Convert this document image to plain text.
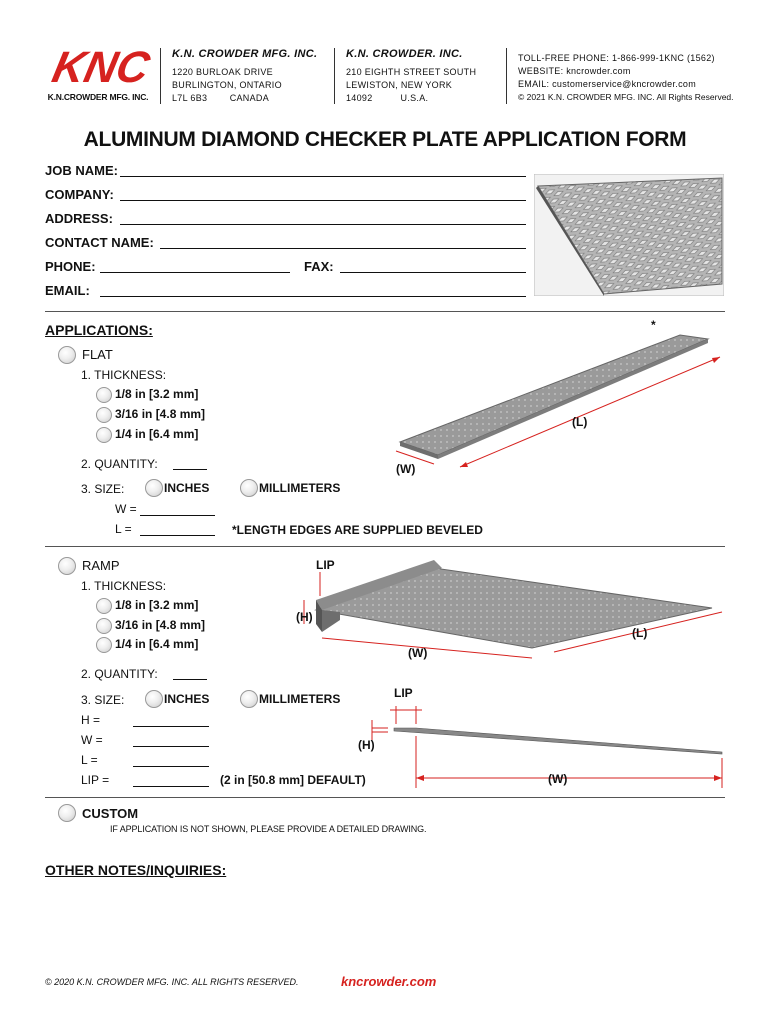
KNC
K.N.CROWDER MFG. INC.
K.N. CROWDER MFG. INC.
1220 BURLOAK DRIVE
BURLINGTON, ONTARIO
L7L 6B3        CANADA
K.N. CROWDER. INC.
210 EIGHTH STREET SOUTH
LEWISTON, NEW YORK
14092          U.S.A.
TOLL-FREE PHONE: 1-866-999-1KNC (1562)
WEBSITE: kncrowder.com
EMAIL: customerservice@kncrowder.com
© 2021 K.N. CROWDER MFG. INC. All Rights Reserved.
ALUMINUM DIAMOND CHECKER PLATE APPLICATION FORM
JOB NAME:
COMPANY:
ADDRESS:
CONTACT NAME:
PHONE:	FAX:
EMAIL:
APPLICATIONS:	*
FLAT
1. THICKNESS:
1/8 in [3.2 mm]
3/16 in [4.8 mm]
1/4 in [6.4 mm]
2. QUANTITY:
3. SIZE:	INCHES	MILLIMETERS
W =
L =	*LENGTH EDGES ARE SUPPLIED BEVELED
(L)
(W)
RAMP
1. THICKNESS:
1/8 in [3.2 mm]
3/16 in [4.8 mm]
1/4 in [6.4 mm]
2. QUANTITY:
3. SIZE:	INCHES	MILLIMETERS
H =
W =
L =
LIP =	(2 in [50.8 mm] DEFAULT)
LIP
(H)
(W)
(L)
LIP
(H)
(W)
CUSTOM
IF APPLICATION IS NOT SHOWN, PLEASE PROVIDE A DETAILED DRAWING.
OTHER NOTES/INQUIRIES:
© 2020 K.N. CROWDER MFG. INC. ALL RIGHTS RESERVED.	kncrowder.com
